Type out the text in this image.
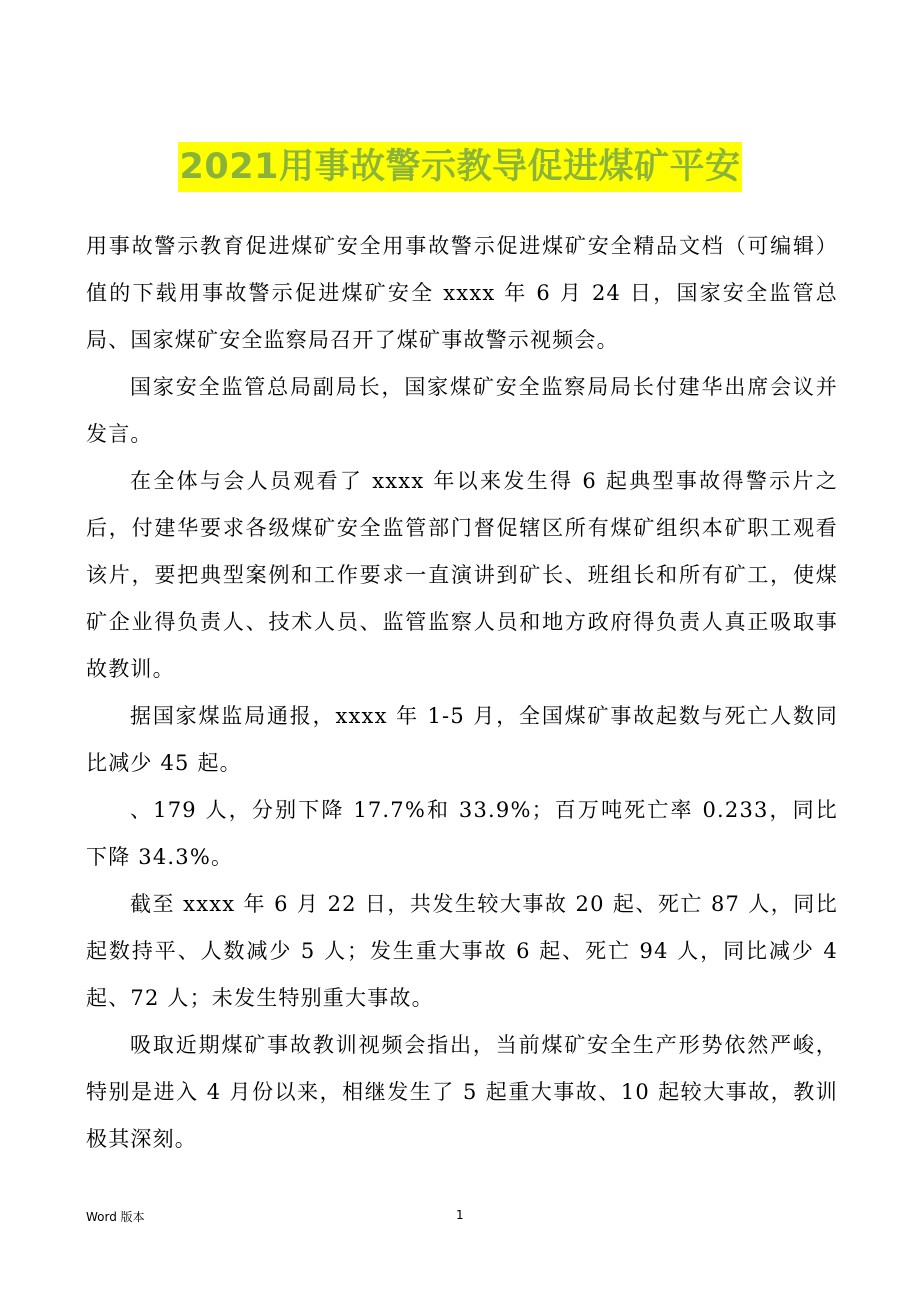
2021用事故警示教导促进煤矿平安

用事故警示教育促进煤矿安全用事故警示促进煤矿安全精品文档（可编辑）值的下载用事故警示促进煤矿安全 xxxx 年 6 月 24 日，国家安全监管总局、国家煤矿安全监察局召开了煤矿事故警示视频会。

国家安全监管总局副局长，国家煤矿安全监察局局长付建华出席会议并发言。

在全体与会人员观看了 xxxx 年以来发生得 6 起典型事故得警示片之后，付建华要求各级煤矿安全监管部门督促辖区所有煤矿组织本矿职工观看该片，要把典型案例和工作要求一直演讲到矿长、班组长和所有矿工，使煤矿企业得负责人、技术人员、监管监察人员和地方政府得负责人真正吸取事故教训。

据国家煤监局通报，xxxx 年 1-5 月，全国煤矿事故起数与死亡人数同比减少 45 起。

、179 人，分别下降 17.7%和 33.9%；百万吨死亡率 0.233，同比下降 34.3%。

截至 xxxx 年 6 月 22 日，共发生较大事故 20 起、死亡 87 人，同比起数持平、人数减少 5 人；发生重大事故 6 起、死亡 94 人，同比减少 4 起、72 人；未发生特别重大事故。

吸取近期煤矿事故教训视频会指出，当前煤矿安全生产形势依然严峻，特别是进入 4 月份以来，相继发生了 5 起重大事故、10 起较大事故，教训极其深刻。

Word 版本	1
